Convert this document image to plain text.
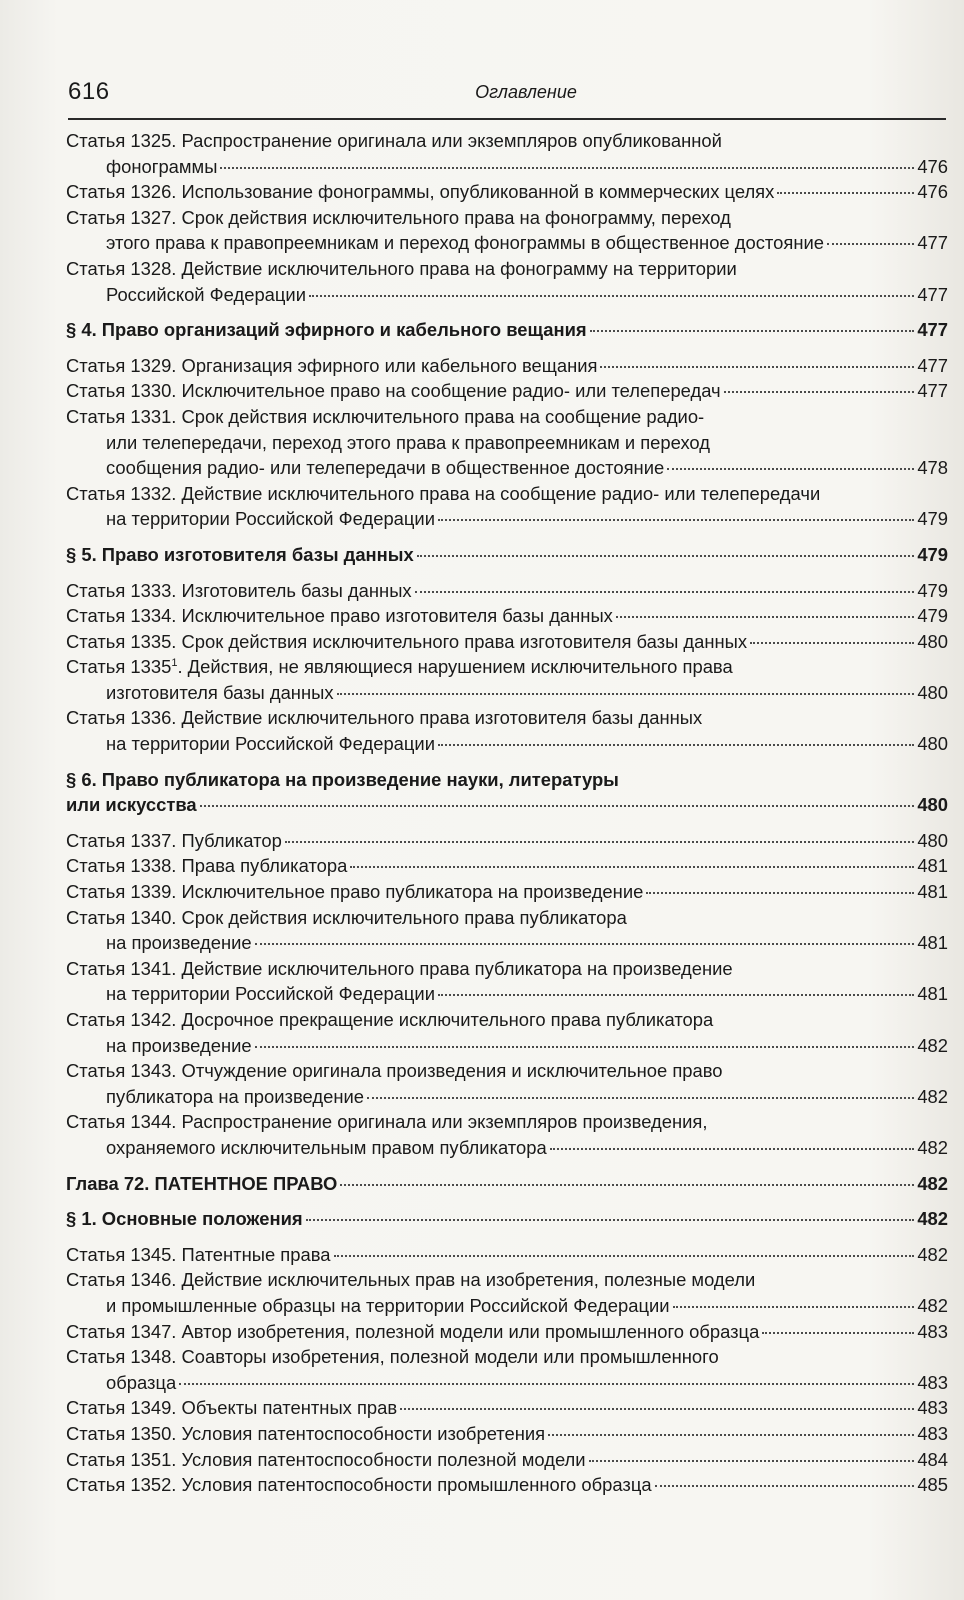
616	Оглавление
Статья 1325. Распространение оригинала или экземпляров опубликованной
фонограммы	476
Статья 1326. Использование фонограммы, опубликованной в коммерческих целях	476
Статья 1327. Срок действия исключительного права на фонограмму, переход
этого права к правопреемникам и переход фонограммы в общественное достояние	477
Статья 1328. Действие исключительного права на фонограмму на территории
Российской Федерации	477
§ 4. Право организаций эфирного и кабельного вещания	477
Статья 1329. Организация эфирного или кабельного вещания	477
Статья 1330. Исключительное право на сообщение радио- или телепередач	477
Статья 1331. Срок действия исключительного права на сообщение радио-
или телепередачи, переход этого права к правопреемникам и переход
сообщения радио- или телепередачи в общественное достояние	478
Статья 1332. Действие исключительного права на сообщение радио- или телепередачи
на территории Российской Федерации	479
§ 5. Право изготовителя базы данных	479
Статья 1333. Изготовитель базы данных	479
Статья 1334. Исключительное право изготовителя базы данных	479
Статья 1335. Срок действия исключительного права изготовителя базы данных	480
Статья 1335$^1$. Действия, не являющиеся нарушением исключительного права
изготовителя базы данных	480
Статья 1336. Действие исключительного права изготовителя базы данных
на территории Российской Федерации	480
§ 6. Право публикатора на произведение науки, литературы
или искусства	480
Статья 1337. Публикатор	480
Статья 1338. Права публикатора	481
Статья 1339. Исключительное право публикатора на произведение	481
Статья 1340. Срок действия исключительного права публикатора
на произведение	481
Статья 1341. Действие исключительного права публикатора на произведение
на территории Российской Федерации	481
Статья 1342. Досрочное прекращение исключительного права публикатора
на произведение	482
Статья 1343. Отчуждение оригинала произведения и исключительное право
публикатора на произведение	482
Статья 1344. Распространение оригинала или экземпляров произведения,
охраняемого исключительным правом публикатора	482
Глава 72. ПАТЕНТНОЕ ПРАВО	482
§ 1. Основные положения	482
Статья 1345. Патентные права	482
Статья 1346. Действие исключительных прав на изобретения, полезные модели
и промышленные образцы на территории Российской Федерации	482
Статья 1347. Автор изобретения, полезной модели или промышленного образца	483
Статья 1348. Соавторы изобретения, полезной модели или промышленного
образца	483
Статья 1349. Объекты патентных прав	483
Статья 1350. Условия патентоспособности изобретения	483
Статья 1351. Условия патентоспособности полезной модели	484
Статья 1352. Условия патентоспособности промышленного образца	485
